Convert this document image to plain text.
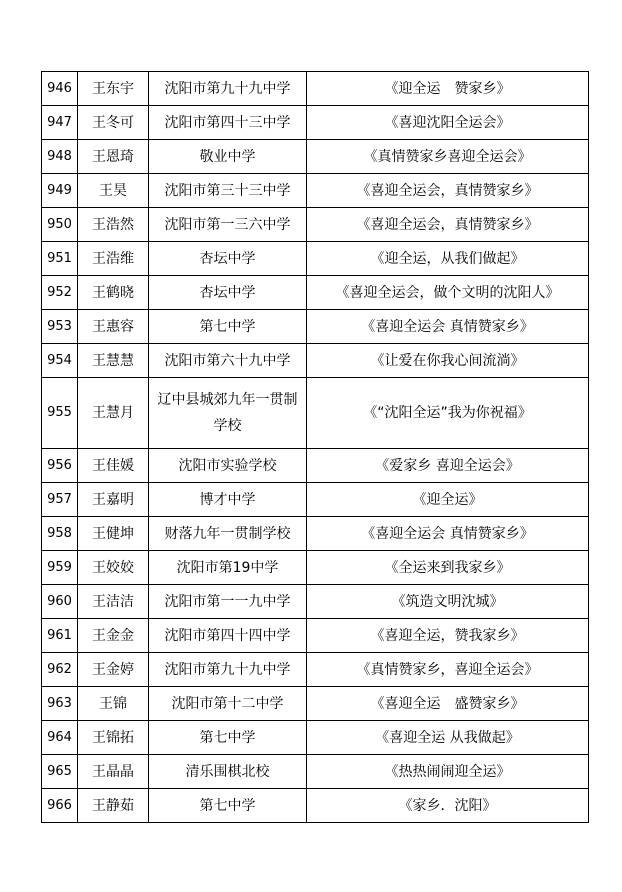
946	王东宇	沈阳市第九十九中学	《迎全运　赞家乡》
947	王冬可	沈阳市第四十三中学	《喜迎沈阳全运会》
948	王恩琦	敬业中学	《真情赞家乡喜迎全运会》
949	王昊	沈阳市第三十三中学	《喜迎全运会，真情赞家乡》
950	王浩然	沈阳市第一三六中学	《喜迎全运会，真情赞家乡》
951	王浩维	杏坛中学	《迎全运，从我们做起》
952	王鹤晓	杏坛中学	《喜迎全运会，做个文明的沈阳人》
953	王惠容	第七中学	《喜迎全运会 真情赞家乡》
954	王慧慧	沈阳市第六十九中学	《让爱在你我心间流淌》
955	王慧月	辽中县城郊九年一贯制学校	《“沈阳全运”我为你祝福》
956	王佳媛	沈阳市实验学校	《爱家乡 喜迎全运会》
957	王嘉明	博才中学	《迎全运》
958	王健坤	财落九年一贯制学校	《喜迎全运会 真情赞家乡》
959	王姣姣	沈阳市第19中学	《全运来到我家乡》
960	王洁洁	沈阳市第一一九中学	《筑造文明沈城》
961	王金金	沈阳市第四十四中学	《喜迎全运，赞我家乡》
962	王金婷	沈阳市第九十九中学	《真情赞家乡，喜迎全运会》
963	王锦	沈阳市第十二中学	《喜迎全运　盛赞家乡》
964	王锦拓	第七中学	《喜迎全运 从我做起》
965	王晶晶	清乐围棋北校	《热热闹闹迎全运》
966	王静茹	第七中学	《家乡．沈阳》
